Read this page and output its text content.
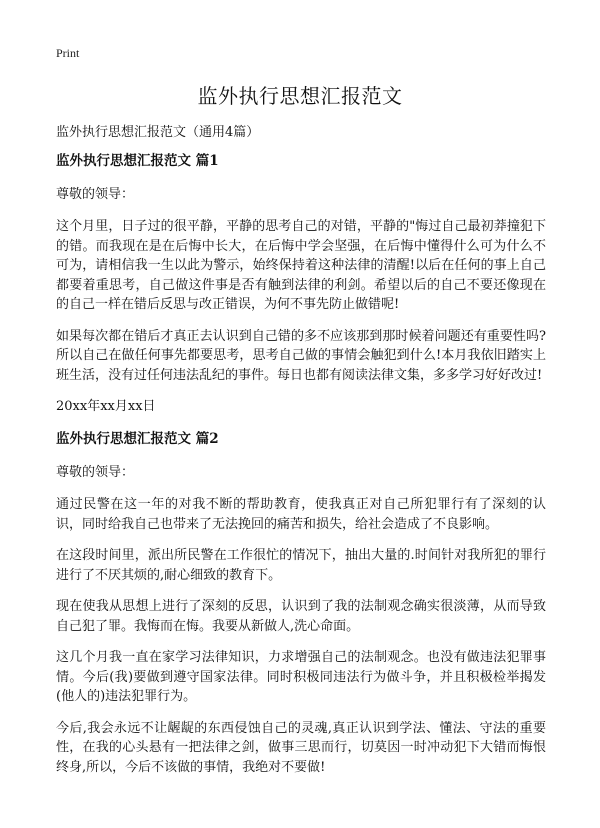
Print
监外执行思想汇报范文
监外执行思想汇报范文（通用4篇）
监外执行思想汇报范文 篇1
尊敬的领导：
这个月里，日子过的很平静，平静的思考自己的对错，平静的"悔过自己最初莽撞犯下的错。而我现在是在后悔中长大，在后悔中学会坚强，在后悔中懂得什么可为什么不可为，请相信我一生以此为警示，始终保持着这种法律的清醒!以后在任何的事上自己都要着重思考，自己做这件事是否有触到法律的利剑。希望以后的自己不要还像现在的自己一样在错后反思与改正错误，为何不事先防止做错呢!
如果每次都在错后才真正去认识到自己错的多不应该那到那时候着问题还有重要性吗?所以自己在做任何事先都要思考，思考自己做的事情会触犯到什么!本月我依旧踏实上班生活，没有过任何违法乱纪的事件。每日也都有阅读法律文集，多多学习好好改过!
20xx年xx月xx日
监外执行思想汇报范文 篇2
尊敬的领导：
通过民警在这一年的对我不断的帮助教育，使我真正对自己所犯罪行有了深刻的认识，同时给我自己也带来了无法挽回的痛苦和损失，给社会造成了不良影响。
在这段时间里，派出所民警在工作很忙的情况下，抽出大量的.时间针对我所犯的罪行进行了不厌其烦的,耐心细致的教育下。
现在使我从思想上进行了深刻的反思，认识到了我的法制观念确实很淡薄，从而导致自己犯了罪。我悔而在悔。我要从新做人,洗心命面。
这几个月我一直在家学习法律知识，力求增强自己的法制观念。也没有做违法犯罪事情。今后(我)要做到遵守国家法律。同时积极同违法行为做斗争，并且积极检举揭发(他人的)违法犯罪行为。
今后,我会永远不让龌龊的东西侵蚀自己的灵魂,真正认识到学法、懂法、守法的重要性，在我的心头悬有一把法律之剑，做事三思而行，切莫因一时冲动犯下大错而悔恨终身,所以，今后不该做的事情，我绝对不要做!
